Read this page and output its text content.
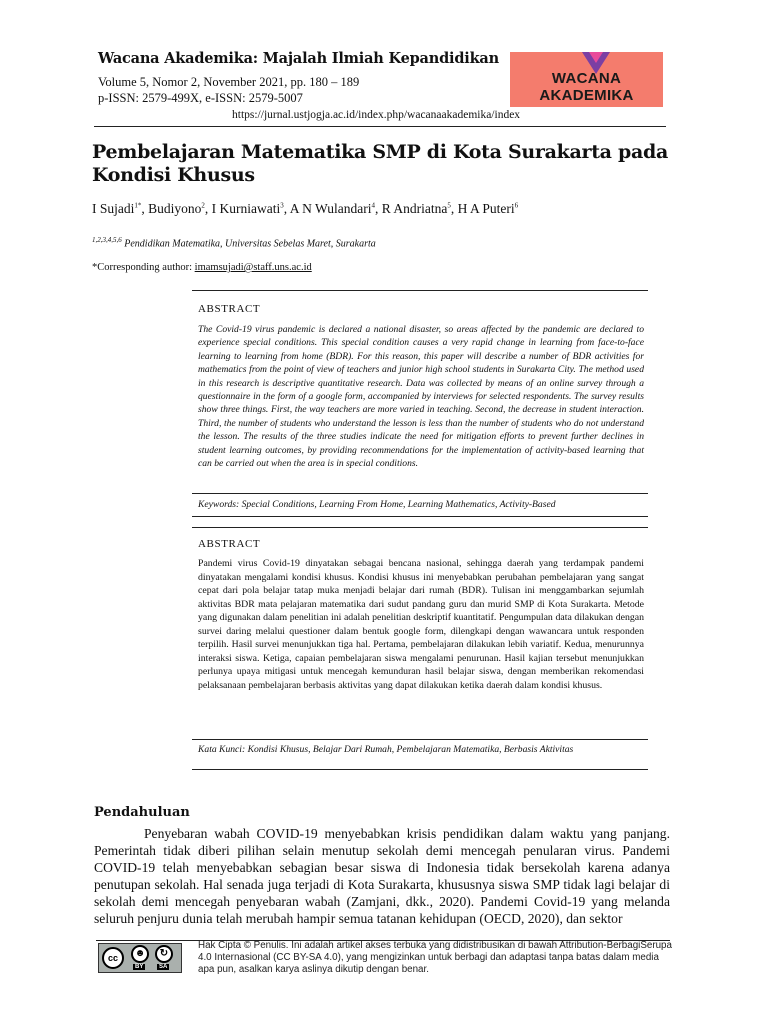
Wacana Akademika: Majalah Ilmiah Kepandidikan
Volume 5, Nomor 2, November 2021, pp. 180 – 189
p-ISSN: 2579-499X, e-ISSN: 2579-5007
https://jurnal.ustjogja.ac.id/index.php/wacanaakademika/index
WACANA
AKADEMIKA
Pembelajaran Matematika SMP di Kota Surakarta pada Kondisi Khusus
I Sujadi$^{1*}$, Budiyono$^2$, I Kurniawati$^3$, A N Wulandari$^4$, R Andriatna$^5$, H A Puteri$^6$
$^{1,2,3,4,5,6}$ Pendidikan Matematika, Universitas Sebelas Maret, Surakarta
*Corresponding author: imamsujadi@staff.uns.ac.id
ABSTRACT
The Covid-19 virus pandemic is declared a national disaster, so areas affected by the pandemic are declared to experience special conditions. This special condition causes a very rapid change in learning from face-to-face learning to learning from home (BDR). For this reason, this paper will describe a number of BDR activities for mathematics from the point of view of teachers and junior high school students in Surakarta City. The method used in this research is descriptive quantitative research. Data was collected by means of an online survey through a questionnaire in the form of a google form, accompanied by interviews for selected respondents. The survey results show three things. First, the way teachers are more varied in teaching. Second, the decrease in student interaction. Third, the number of students who understand the lesson is less than the number of students who do not understand the lesson. The results of the three studies indicate the need for mitigation efforts to prevent further declines in student learning outcomes, by providing recommendations for the implementation of activity-based learning that can be carried out when the area is in special conditions.
Keywords: Special Conditions, Learning From Home, Learning Mathematics, Activity-Based
ABSTRACT
Pandemi virus Covid-19 dinyatakan sebagai bencana nasional, sehingga daerah yang terdampak pandemi dinyatakan mengalami kondisi khusus. Kondisi khusus ini menyebabkan perubahan pembelajaran yang sangat cepat dari pola belajar tatap muka menjadi belajar dari rumah (BDR). Tulisan ini menggambarkan sejumlah aktivitas BDR mata pelajaran matematika dari sudut pandang guru dan murid SMP di Kota Surakarta. Metode yang digunakan dalam penelitian ini adalah penelitian deskriptif kuantitatif. Pengumpulan data dilakukan dengan survei daring melalui questioner dalam bentuk google form, dilengkapi dengan wawancara untuk responden terpilih. Hasil survei menunjukkan tiga hal. Pertama, pembelajaran dilakukan lebih variatif. Kedua, menurunnya interaksi siswa. Ketiga, capaian pembelajaran siswa mengalami penurunan. Hasil kajian tersebut menunjukkan perlunya upaya mitigasi untuk mencegah kemunduran hasil belajar siswa, dengan memberikan rekomendasi pelaksanaan pembelajaran berbasis aktivitas yang dapat dilakukan ketika daerah dalam kondisi khusus.
Kata Kunci: Kondisi Khusus, Belajar Dari Rumah, Pembelajaran Matematika, Berbasis Aktivitas
Pendahuluan

Penyebaran wabah COVID-19 menyebabkan krisis pendidikan dalam waktu yang panjang. Pemerintah tidak diberi pilihan selain menutup sekolah demi mencegah penularan virus. Pandemi COVID-19 telah menyebabkan sebagian besar siswa di Indonesia tidak bersekolah karena adanya penutupan sekolah. Hal senada juga terjadi di Kota Surakarta, khususnya siswa SMP tidak lagi belajar di sekolah demi mencegah penyebaran wabah (Zamjani, dkk., 2020). Pandemi Covid-19 yang melanda seluruh penjuru dunia telah merubah hampir semua tatanan kehidupan (OECD, 2020), dan sektor

cc	☻	↻
BY	SA
Hak Cipta © Penulis. Ini adalah artikel akses terbuka yang didistribusikan di bawah Attribution-BerbagiSerupa 4.0 Internasional (CC BY-SA 4.0), yang mengizinkan untuk berbagi dan adaptasi tanpa batas dalam media apa pun, asalkan karya aslinya dikutip dengan benar.
